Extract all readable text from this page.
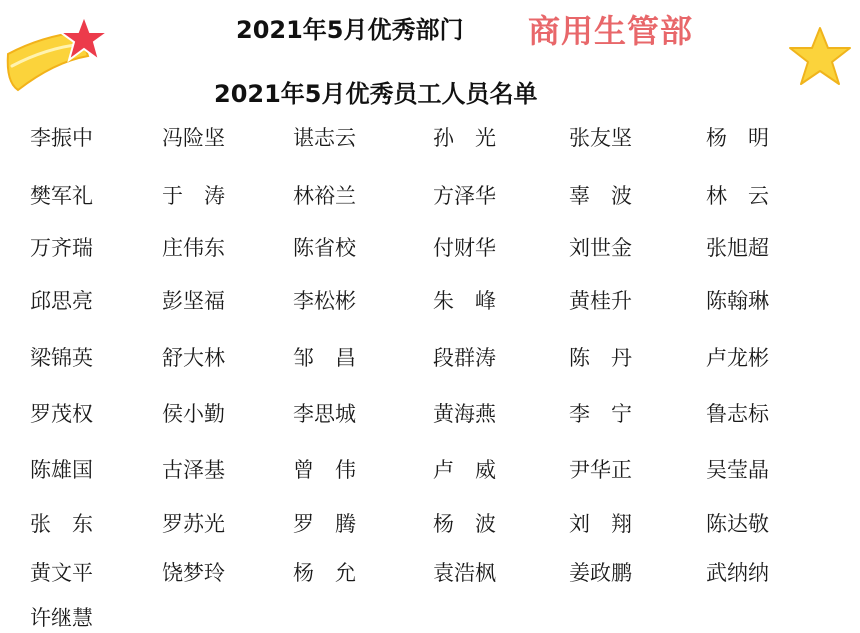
2021年5月优秀部门 商用生管部
2021年5月优秀员工人员名单
李振中	冯险坚	谌志云	孙　光	张友坚	杨　明
樊军礼	于　涛	林裕兰	方泽华	辜　波	林　云
万齐瑞	庄伟东	陈省校	付财华	刘世金	张旭超
邱思亮	彭坚福	李松彬	朱　峰	黄桂升	陈翰琳
梁锦英	舒大林	邹　昌	段群涛	陈　丹	卢龙彬
罗茂权	侯小勤	李思城	黄海燕	李　宁	鲁志标
陈雄国	古泽基	曾　伟	卢　威	尹华正	吴莹晶
张　东	罗苏光	罗　腾	杨　波	刘　翔	陈达敬
黄文平	饶梦玲	杨　允	袁浩枫	姜政鹏	武纳纳
许继慧
